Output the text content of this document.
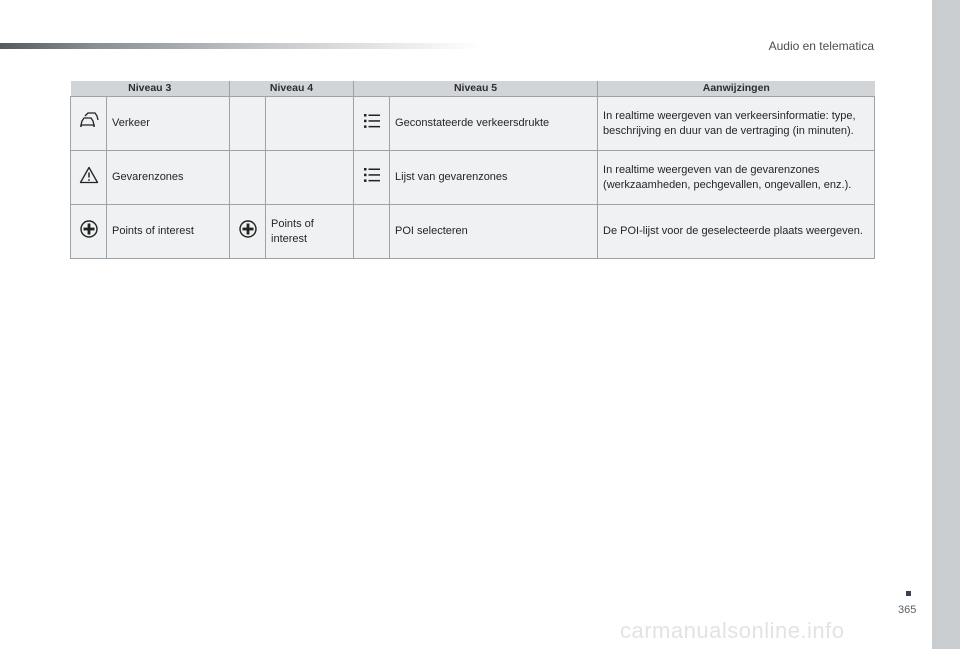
Audio en telematica
Niveau 3		Niveau 4		Niveau 5		Aanwijzingen
	Verkeer				Geconstateerde verkeersdrukte	In realtime weergeven van verkeersinformatie: type, beschrijving en duur van de vertraging (in minuten).
	Gevarenzones				Lijst van gevarenzones	In realtime weergeven van de gevarenzones (werkzaamheden, pechgevallen, ongevallen, enz.).
	Points of interest		Points of interest		POI selecteren	De POI-lijst voor de geselecteerde plaats weergeven.
365
carmanualsonline.info
